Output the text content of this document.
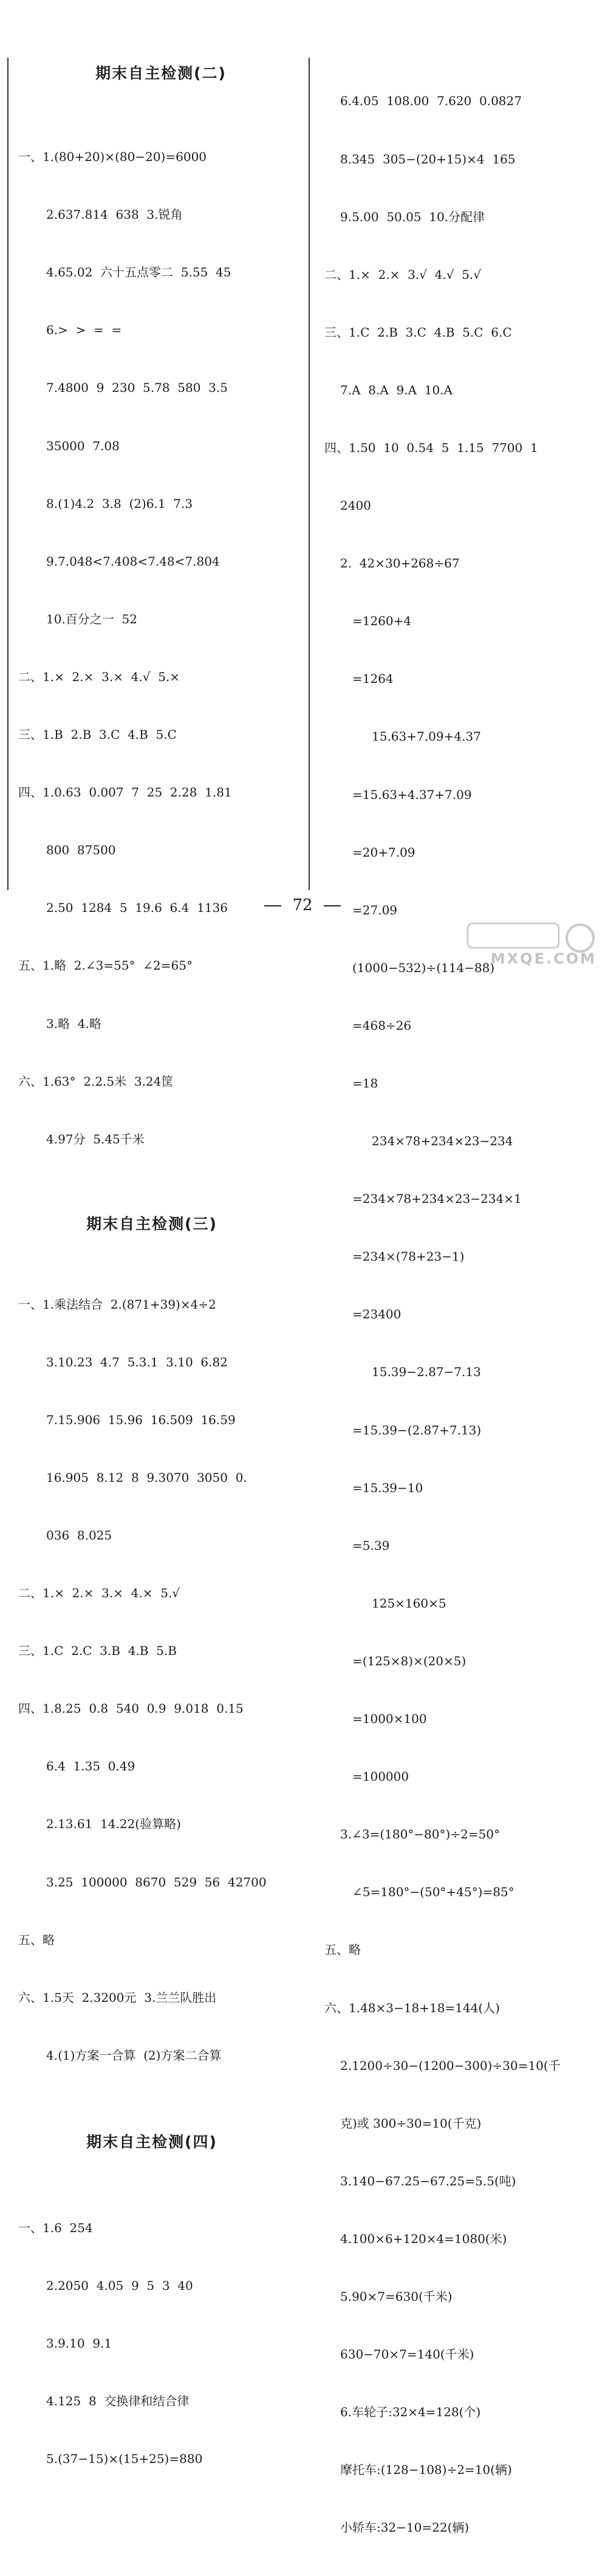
期末自主检测(二)

一、1.(80+20)×(80−20)=6000

2.637.814  638  3.锐角

4.65.02  六十五点零二  5.55  45

6.>  >  =  =

7.4800  9  230  5.78  580  3.5

35000  7.08

8.(1)4.2  3.8  (2)6.1  7.3

9.7.048<7.408<7.48<7.804

10.百分之一  52

二、1.×  2.×  3.×  4.√  5.×

三、1.B  2.B  3.C  4.B  5.C

四、1.0.63  0.007  7  25  2.28  1.81

800  87500

2.50  1284  5  19.6  6.4  1136

五、1.略  2.∠3=55°  ∠2=65°

3.略  4.略

六、1.63°  2.2.5米  3.24筐

4.97分  5.45千米

期末自主检测(三)

一、1.乘法结合  2.(871+39)×4÷2

3.10.23  4.7  5.3.1  3.10  6.82

7.15.906  15.96  16.509  16.59

16.905  8.12  8  9.3070  3050  0.

036  8.025

二、1.×  2.×  3.×  4.×  5.√

三、1.C  2.C  3.B  4.B  5.B

四、1.8.25  0.8  540  0.9  9.018  0.15

6.4  1.35  0.49

2.13.61  14.22(验算略)

3.25  100000  8670  529  56  42700

五、略

六、1.5天  2.3200元  3.兰兰队胜出

4.(1)方案一合算  (2)方案二合算

期末自主检测(四)

一、1.6  254

2.2050  4.05  9  5  3  40

3.9.10  9.1

4.125  8  交换律和结合律

5.(37−15)×(15+25)=880

6.4.05  108.00  7.620  0.0827

8.345  305−(20+15)×4  165

9.5.00  50.05  10.分配律

二、1.×  2.×  3.√  4.√  5.√

三、1.C  2.B  3.C  4.B  5.C  6.C

7.A  8.A  9.A  10.A

四、1.50  10  0.54  5  1.15  7700  1

2400

2.  42×30+268÷67

=1260+4

=1264

15.63+7.09+4.37

=15.63+4.37+7.09

=20+7.09

=27.09

(1000−532)÷(114−88)

=468÷26

=18

234×78+234×23−234

=234×78+234×23−234×1

=234×(78+23−1)

=23400

15.39−2.87−7.13

=15.39−(2.87+7.13)

=15.39−10

=5.39

125×160×5

=(125×8)×(20×5)

=1000×100

=100000

3.∠3=(180°−80°)÷2=50°

∠5=180°−(50°+45°)=85°

五、略

六、1.48×3−18+18=144(人)

2.1200÷30−(1200−300)÷30=10(千

克)或 300÷30=10(千克)

3.140−67.25−67.25=5.5(吨)

4.100×6+120×4=1080(米)

5.90×7=630(千米)

630−70×7=140(千米)

6.车轮子:32×4=128(个)

摩托车:(128−108)÷2=10(辆)

小轿车:32−10=22(辆)

72
MXQE.COM
